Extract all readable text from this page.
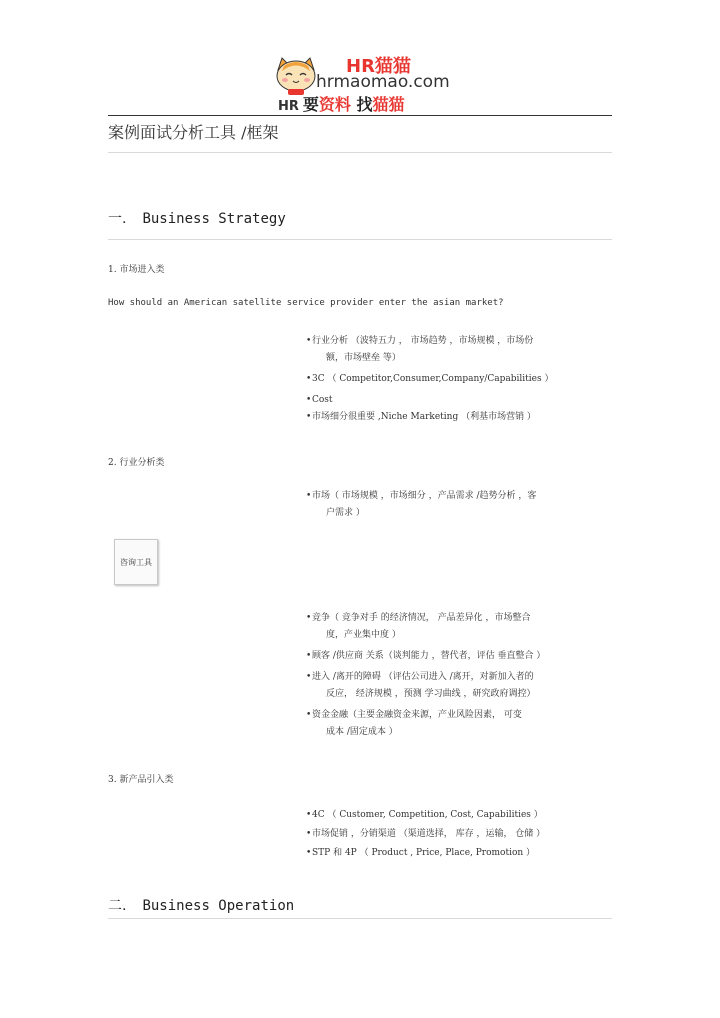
HR猫猫
hrmaomao.com
HR 要资料 找猫猫
案例面试分析工具 /框架
一. Business Strategy
1. 市场进入类
How should an American satellite service provider enter the asian market?
• 行业分析 （波特五力 ， 市场趋势 ，市场规模 ，市场份
额，市场壁垒 等）
• 3C （ Competitor,Consumer,Company/Capabilities ）
• Cost
• 市场细分很重要 ,Niche Marketing （利基市场营销 ）
2. 行业分析类
• 市场（ 市场规模 ，市场细分 ，产品需求 /趋势分析 ，客
户需求 ）
咨询工具
• 竞争（ 竞争对手 的经济情况， 产品差异化 ，市场整合
度，产业集中度 ）
• 顾客 /供应商 关系（谈判能力 ，替代者，评估 垂直整合 ）
• 进入 /离开的障碍 （评估公司进入 /离开，对新加入者的
反应， 经济规模 ，预测 学习曲线 ，研究政府调控）
• 资金金融（主要金融资金来源，产业风险因素， 可变
成本 /固定成本 ）
3. 新产品引入类
• 4C （ Customer, Competition, Cost, Capabilities ）
• 市场促销 ，分销渠道 （渠道选择， 库存 ，运输， 仓储 ）
• STP 和 4P （ Product , Price, Place, Promotion ）
二. Business Operation
